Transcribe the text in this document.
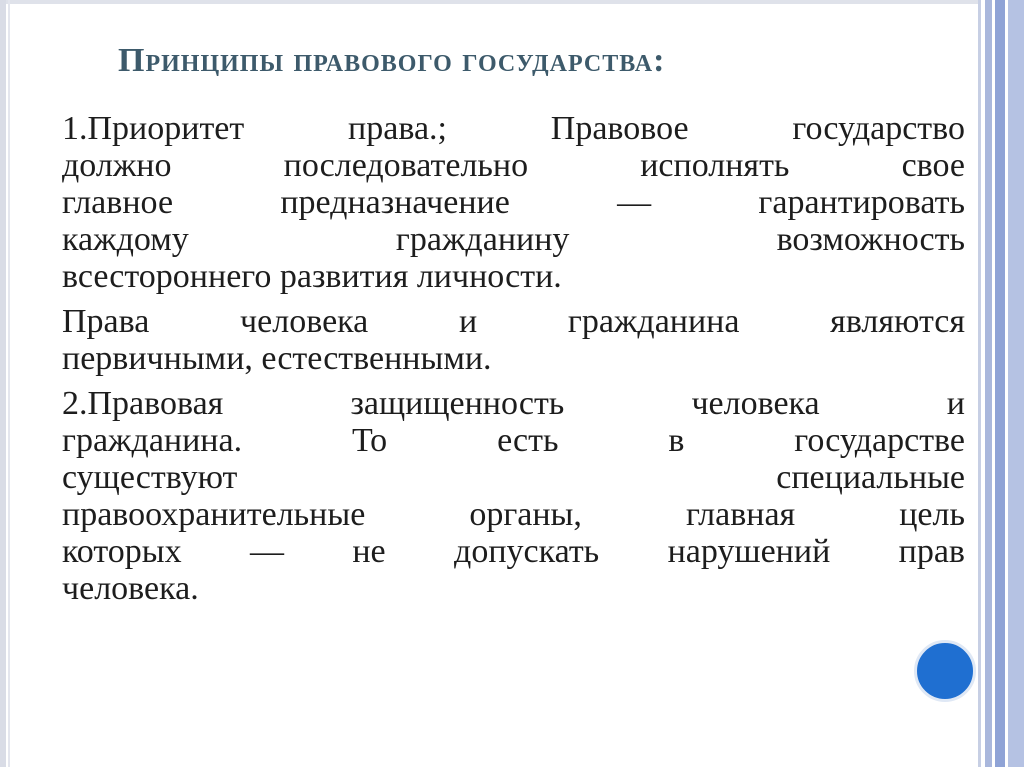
Принципы правового государства:
1.Приоритет права.; Правовое государство
должно последовательно исполнять свое
главное предназначение — гарантировать
каждому гражданину возможность
всестороннего развития личности.
Права человека и гражданина являются
первичными, естественными.
2.Правовая защищенность человека и
гражданина. То есть в государстве
существуют специальные
правоохранительные органы, главная цель
которых — не допускать нарушений прав
человека.
